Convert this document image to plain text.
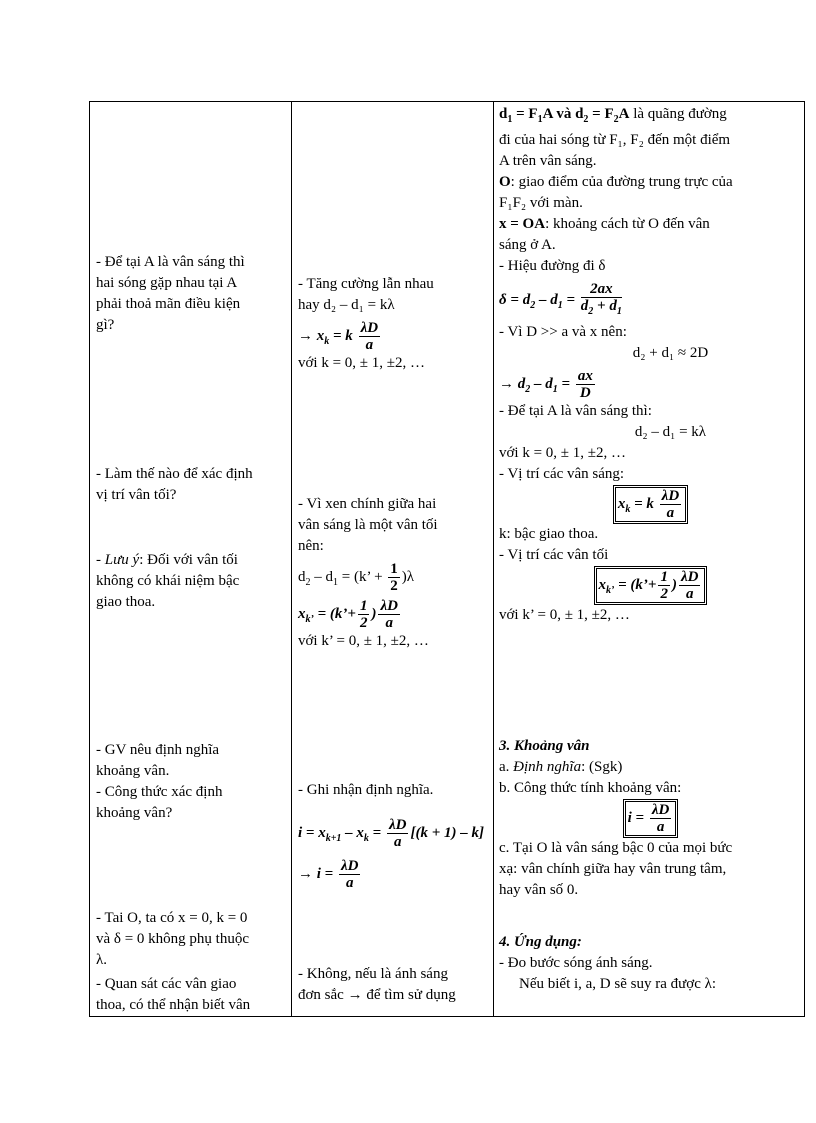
- Để tại A là vân sáng thì
hai sóng gặp nhau tại A
phải thoả mãn điều kiện
gì?
- Làm thế nào để xác định
vị trí vân tối?
- Lưu ý: Đối với vân tối
không có khái niệm bậc
giao thoa.
- GV nêu định nghĩa
khoảng vân.
- Công thức xác định
khoảng vân?
- Tai O, ta có x = 0, k = 0
và δ = 0 không phụ thuộc
λ.
- Quan sát các vân giao
thoa, có thể nhận biết vân
- Tăng cường lẫn nhau
hay d₂ – d₁ = kλ
→ $x_k = k \frac{\lambda D}{a}$
với k = 0, ± 1, ±2, …
- Vì xen chính giữa hai
vân sáng là một vân tối
nên:
$d_2 - d_1 = (k$’ + $\frac{1}{2} )\lambda$
$x_{k’}$ = (k’+ $\frac{1}{2}$ ) $\frac{\lambda D}{a}$
với k’ = 0, ± 1, ±2, …
- Ghi nhận định nghĩa.
$i = x_{k+1} - x_k = \frac{\lambda D}{a} [(k + 1) - k]$
→ $i = \frac{\lambda D}{a}$
- Không, nếu là ánh sáng
đơn sắc → để tìm sử dụng
$d_1 = F_1A$ và $d_2 = F_2A$ là quãng đường
đi của hai sóng từ F₁, F₂ đến một điểm
A trên vân sáng.
O: giao điểm của đường trung trực của
F₁F₂ với màn.
x = OA: khoảng cách từ O đến vân
sáng ở A.
- Hiệu đường đi δ
$\delta = d_2 - d_1 = \frac{2ax}{d_2 + d_1}$
- Vì D >> a và x nên:
d₂ + d₁ ≈ 2D
→ $d_2 - d_1 = \frac{ax}{D}$
- Để tại A là vân sáng thì:
d₂ – d₁ = kλ
với k = 0, ± 1, ±2, …
- Vị trí các vân sáng:
$x_k = k \frac{\lambda D}{a}$
k: bậc giao thoa.
- Vị trí các vân tối
$x_{k’}$ = (k’+ $\frac{1}{2}$ ) $\frac{\lambda D}{a}$
với k’ = 0, ± 1, ±2, …
3. Khoảng vân
a. Định nghĩa: (Sgk)
b. Công thức tính khoảng vân:
$i = \frac{\lambda D}{a}$
c. Tại O là vân sáng bậc 0 của mọi bức
xạ: vân chính giữa hay vân trung tâm,
hay vân số 0.
4. Ứng dụng:
- Đo bước sóng ánh sáng.
Nếu biết i, a, D sẽ suy ra được λ:
